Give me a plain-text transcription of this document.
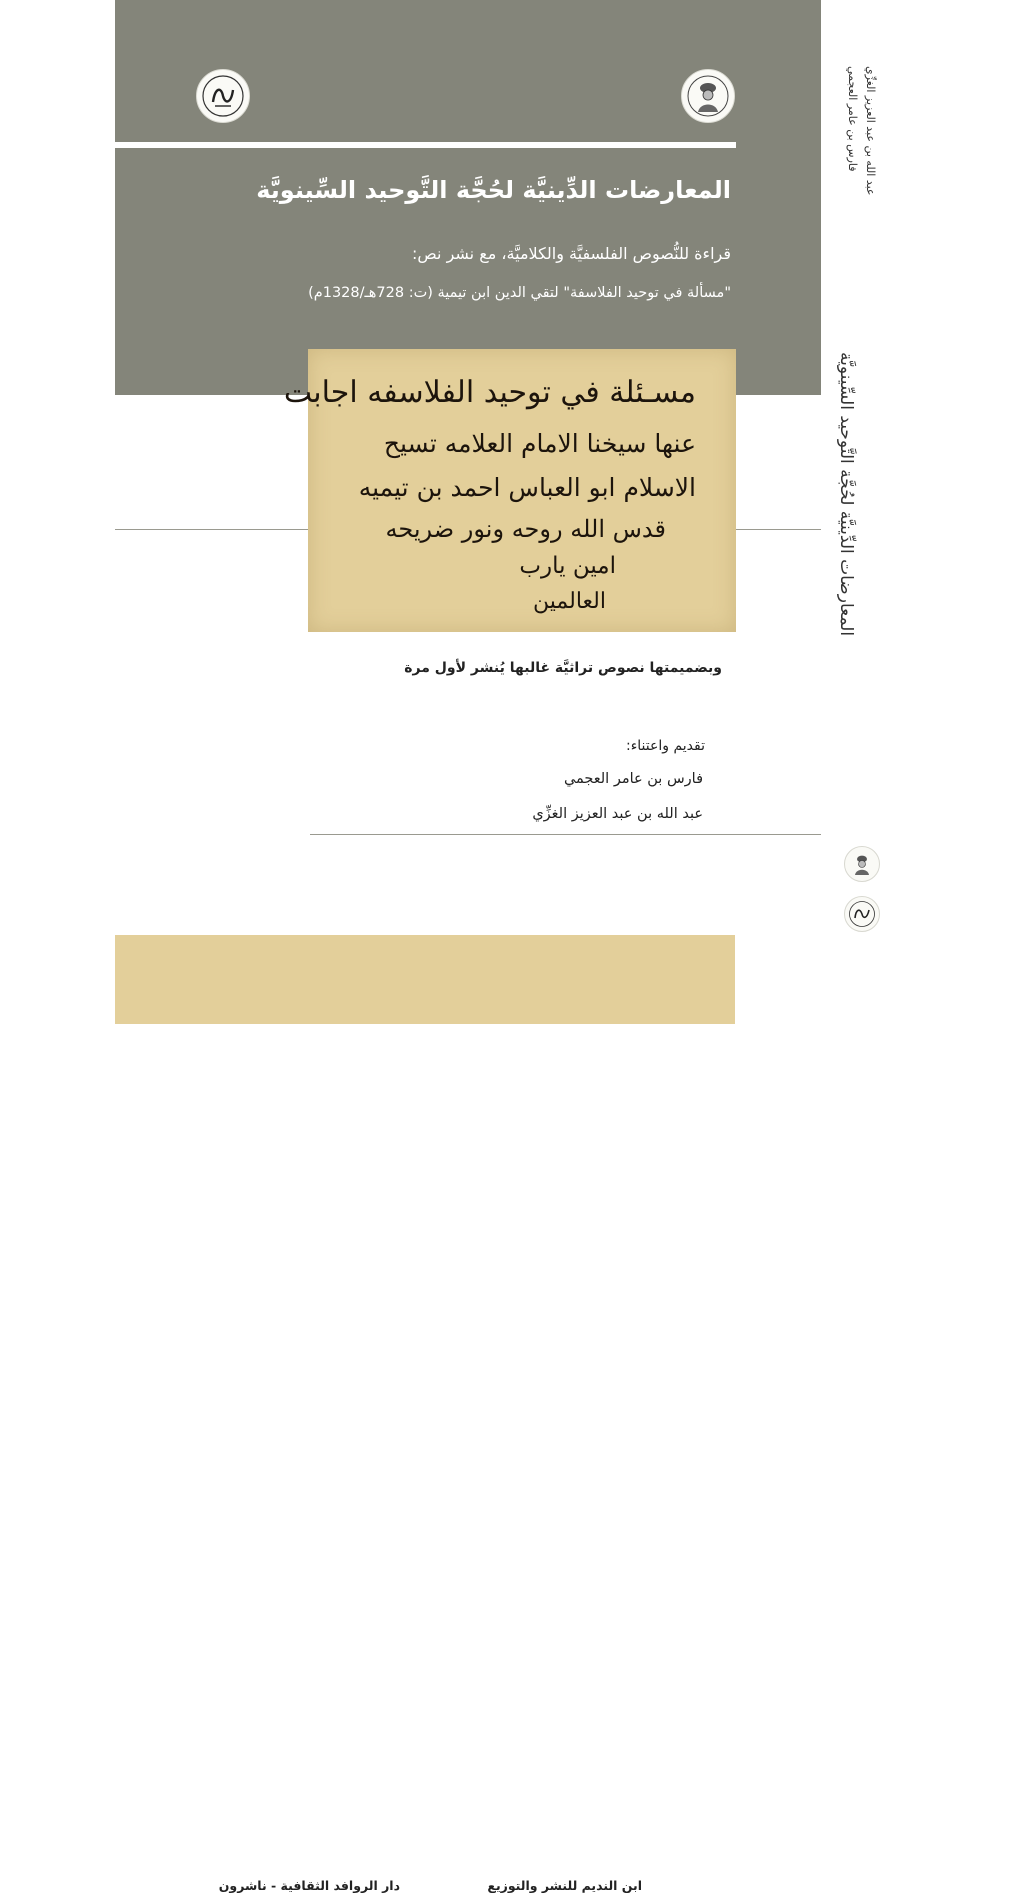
المعارضات الدِّينيَّة لحُجَّة التَّوحيد السِّينويَّة
قراءة للنُّصوص الفلسفيَّة والكلاميَّة، مع نشر نص:
"مسألة في توحيد الفلاسفة" لتقي الدين ابن تيمية (ت: 728هـ/1328م)
مسـئلة في توحيد الفلاسفه اجابت
عنها سيخنا الامام العلامه تسيح
الاسلام ابو العباس احمد بن تيميه
قدس الله روحه ونور ضريحه
امين يارب
العالمين
وبضميمتها نصوص تراثيَّة غالبها يُنشر لأول مرة
تقديم واعتناء:
فارس بن عامر العجمي
عبد الله بن عبد العزيز الغزِّي
ابن النديم للنشر والتوزيع
دار الروافد الثقافية - ناشرون
فارس بن عامر العجمي عبد الله بن عبد العزيز الغزِّي
المعارضات الدِّينيَّة لحُجَّة التَّوحيد السِّينويَّة
